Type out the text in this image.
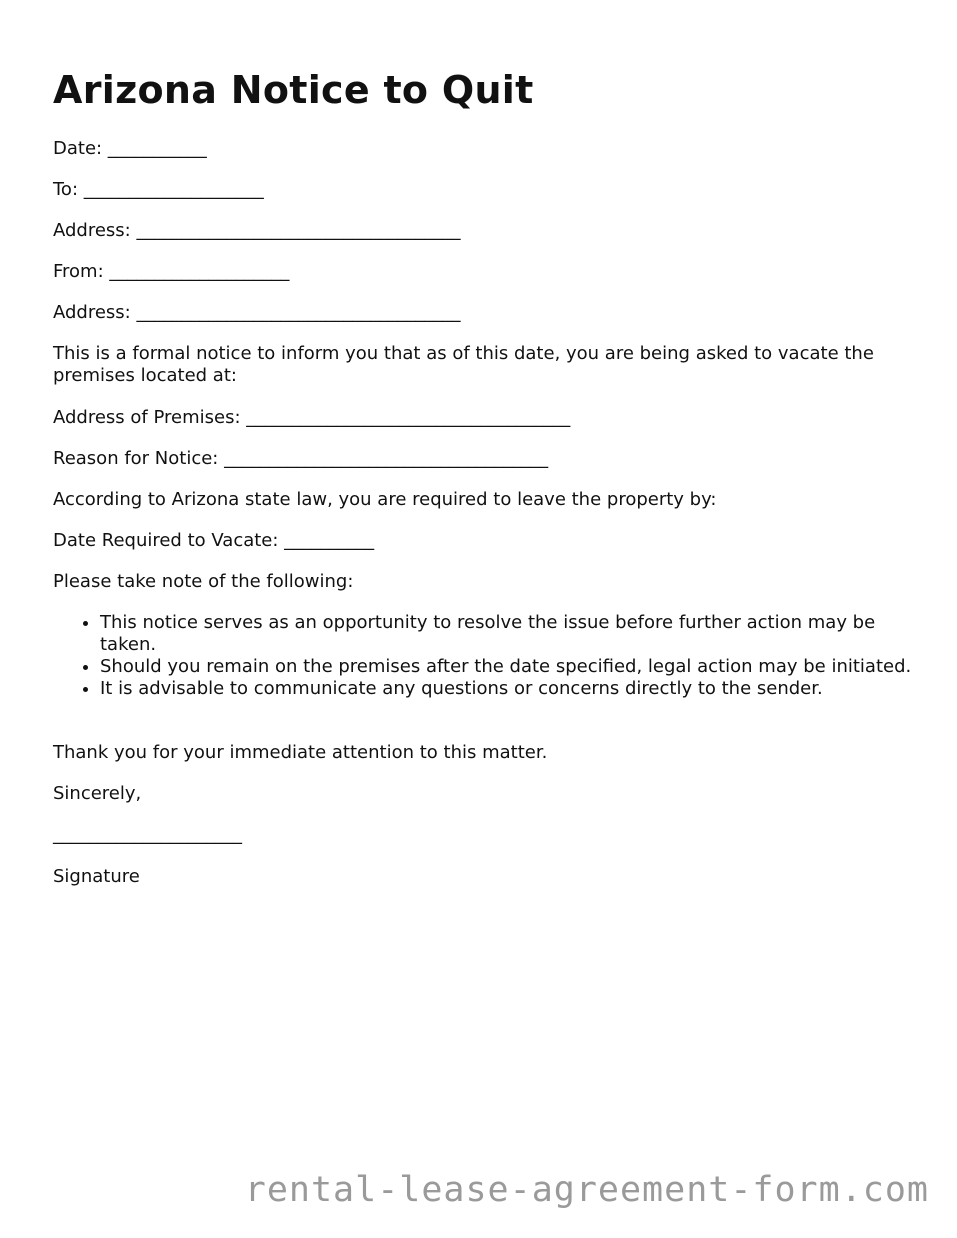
Arizona Notice to Quit
Date: ___________
To: ____________________
Address: ____________________________________
From: ____________________
Address: ____________________________________
This is a formal notice to inform you that as of this date, you are being asked to vacate the premises located at:
Address of Premises: ____________________________________
Reason for Notice: ____________________________________
According to Arizona state law, you are required to leave the property by:
Date Required to Vacate: __________
Please take note of the following:
• This notice serves as an opportunity to resolve the issue before further action may be taken.
• Should you remain on the premises after the date specified, legal action may be initiated.
• It is advisable to communicate any questions or concerns directly to the sender.
Thank you for your immediate attention to this matter.
Sincerely,
_____________________
Signature
rental-lease-agreement-form.com
